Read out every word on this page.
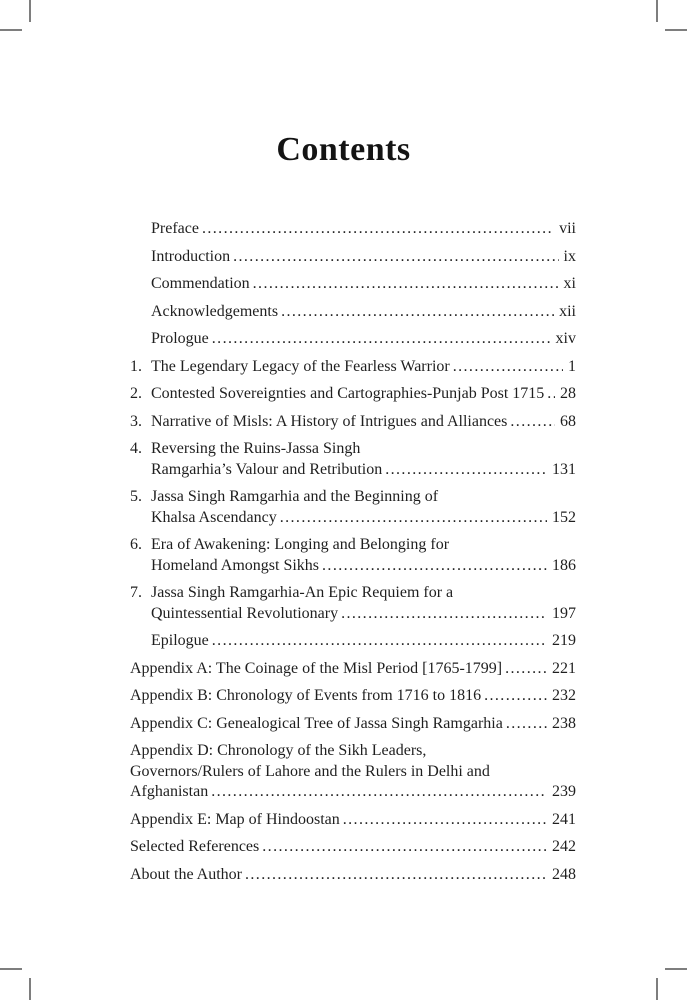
Contents
Preface .....	vii
Introduction .....	ix
Commendation .....	xi
Acknowledgements .....	xii
Prologue .....	xiv
1. The Legendary Legacy of the Fearless Warrior .....	1
2. Contested Sovereignties and Cartographies-Punjab Post 1715 ..... 28
3. Narrative of Misls: A History of Intrigues and Alliances .....	68
4. Reversing the Ruins-Jassa Singh
Ramgarhia’s Valour and Retribution .....	131
5. Jassa Singh Ramgarhia and the Beginning of
Khalsa Ascendancy .....	152
6. Era of Awakening: Longing and Belonging for
Homeland Amongst Sikhs .....	186
7. Jassa Singh Ramgarhia-An Epic Requiem for a
Quintessential Revolutionary .....	197
Epilogue .....	219
Appendix A: The Coinage of the Misl Period [1765-1799] .....	221
Appendix B: Chronology of Events from 1716 to 1816 .....	232
Appendix C: Genealogical Tree of Jassa Singh Ramgarhia .....	238
Appendix D: Chronology of the Sikh Leaders,
Governors/Rulers of Lahore and the Rulers in Delhi and
Afghanistan .....	239
Appendix E: Map of Hindoostan .....	241
Selected References .....	242
About the Author .....	248
